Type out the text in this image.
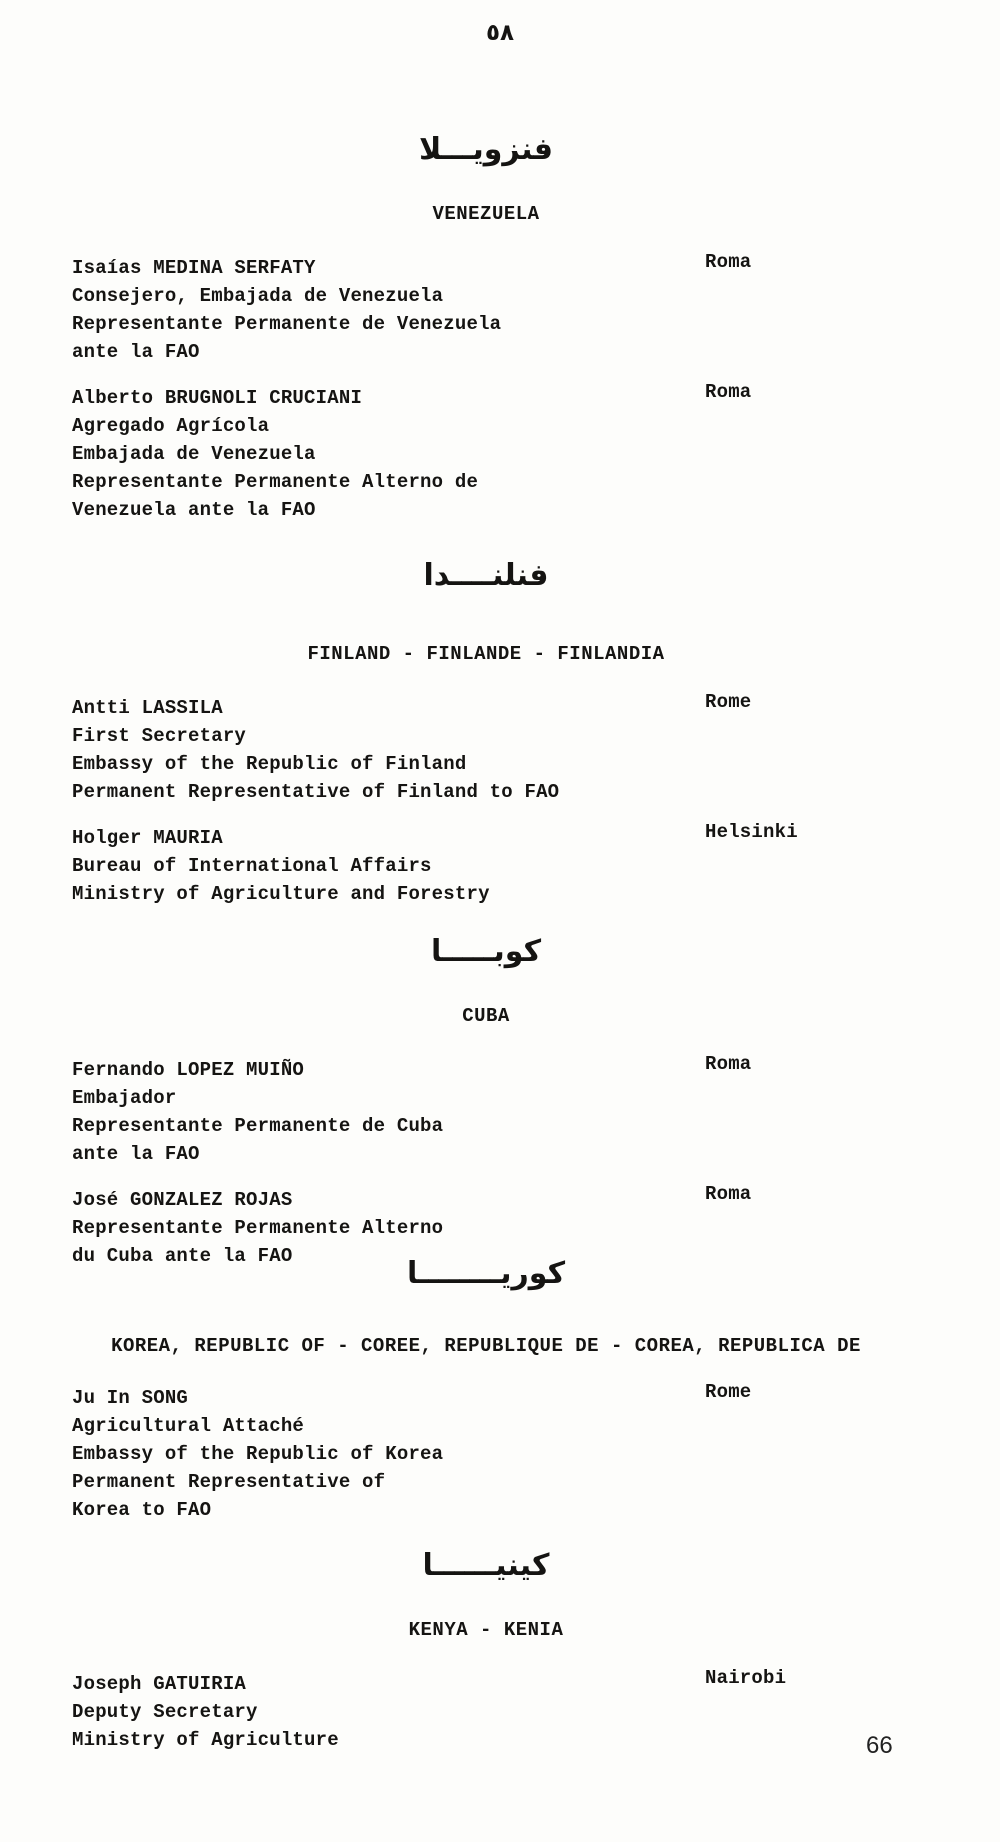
٥٨
فنزويـــلا
VENEZUELA
Isaías MEDINA SERFATY
Consejero, Embajada de Venezuela
Representante Permanente de Venezuela
ante la FAO
Roma
Alberto BRUGNOLI CRUCIANI
Agregado Agrícola
Embajada de Venezuela
Representante Permanente Alterno de
Venezuela ante la FAO
Roma
فنلنــــدا
FINLAND - FINLANDE - FINLANDIA
Antti LASSILA
First Secretary
Embassy of the Republic of Finland
Permanent Representative of Finland to FAO
Rome
Holger MAURIA
Bureau of International Affairs
Ministry of Agriculture and Forestry
Helsinki
كوبـــــا
CUBA
Fernando LOPEZ MUIÑO
Embajador
Representante Permanente de Cuba
ante la FAO
Roma
José GONZALEZ ROJAS
Representante Permanente Alterno
du Cuba ante la FAO
Roma
كوريــــــــا
KOREA, REPUBLIC OF - COREE, REPUBLIQUE DE - COREA, REPUBLICA DE
Ju In SONG
Agricultural Attaché
Embassy of the Republic of Korea
Permanent Representative of
Korea to FAO
Rome
كينيــــــا
KENYA - KENIA
Joseph GATUIRIA
Deputy Secretary
Ministry of Agriculture
Nairobi
66
